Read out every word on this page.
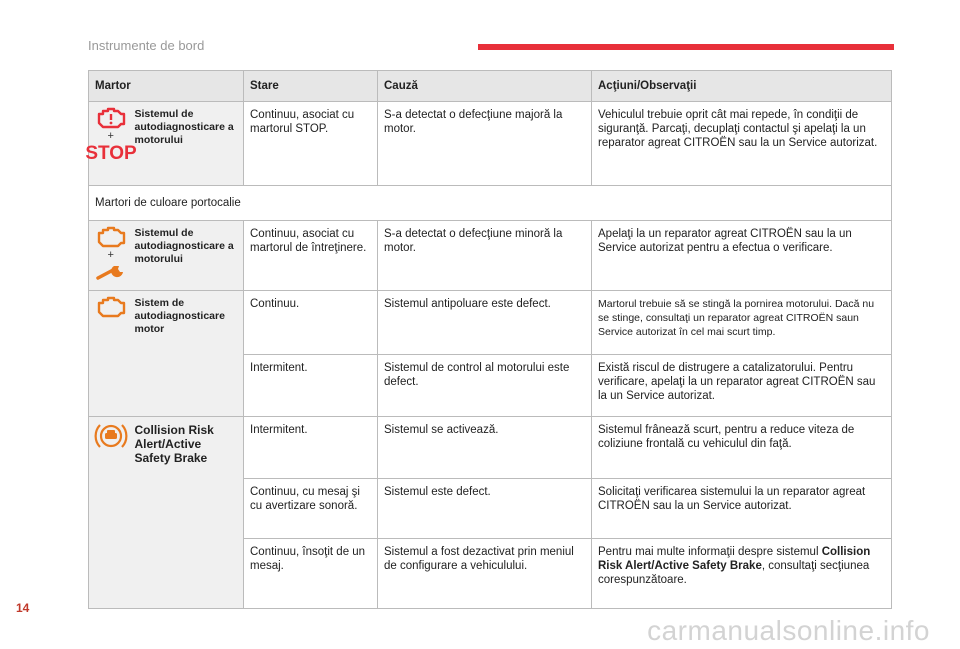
Instrumente de bord
Martor		Stare	Cauză	Acţiuni/Observaţii

+
STOP	Sistemul de autodiagnosticare a motorului	Continuu, asociat cu martorul STOP.	S-a detectat o defecţiune majoră la motor.	Vehiculul trebuie oprit cât mai repede, în condiţii de siguranţă. Parcaţi, decuplaţi contactul şi apelaţi la un reparator agreat CITROËN sau la un Service autorizat.
Martori de culoare portocalie				

+	Sistemul de autodiagnosticare a motorului	Continuu, asociat cu martorul de întreţinere.	S-a detectat o defecţiune minoră la motor.	Apelaţi la un reparator agreat CITROËN sau la un Service autorizat pentru a efectua o verificare.

	Sistem de autodiagnosticare motor	Continuu.	Sistemul antipoluare este defect.	Martorul trebuie să se stingă la pornirea motorului. Dacă nu se stinge, consultaţi un reparator agreat CITROËN saun Service autorizat în cel mai scurt timp.
		Intermitent.	Sistemul de control al motorului este defect.	Există riscul de distrugere a catalizatorului. Pentru verificare, apelaţi la un reparator agreat CITROËN sau la un Service autorizat.

	Collision Risk Alert/Active Safety Brake	Intermitent.	Sistemul se activează.	Sistemul frânează scurt, pentru a reduce viteza de coliziune frontală cu vehiculul din faţă.
		Continuu, cu mesaj şi cu avertizare sonoră.	Sistemul este defect.	Solicitaţi verificarea sistemului la un reparator agreat CITROËN sau la un Service autorizat.
		Continuu, însoţit de un mesaj.	Sistemul a fost dezactivat prin meniul de configurare a vehiculului.	Pentru mai multe informaţii despre sistemul Collision Risk Alert/Active Safety Brake, consultaţi secţiunea corespunzătoare.
14
carmanualsonline.info
